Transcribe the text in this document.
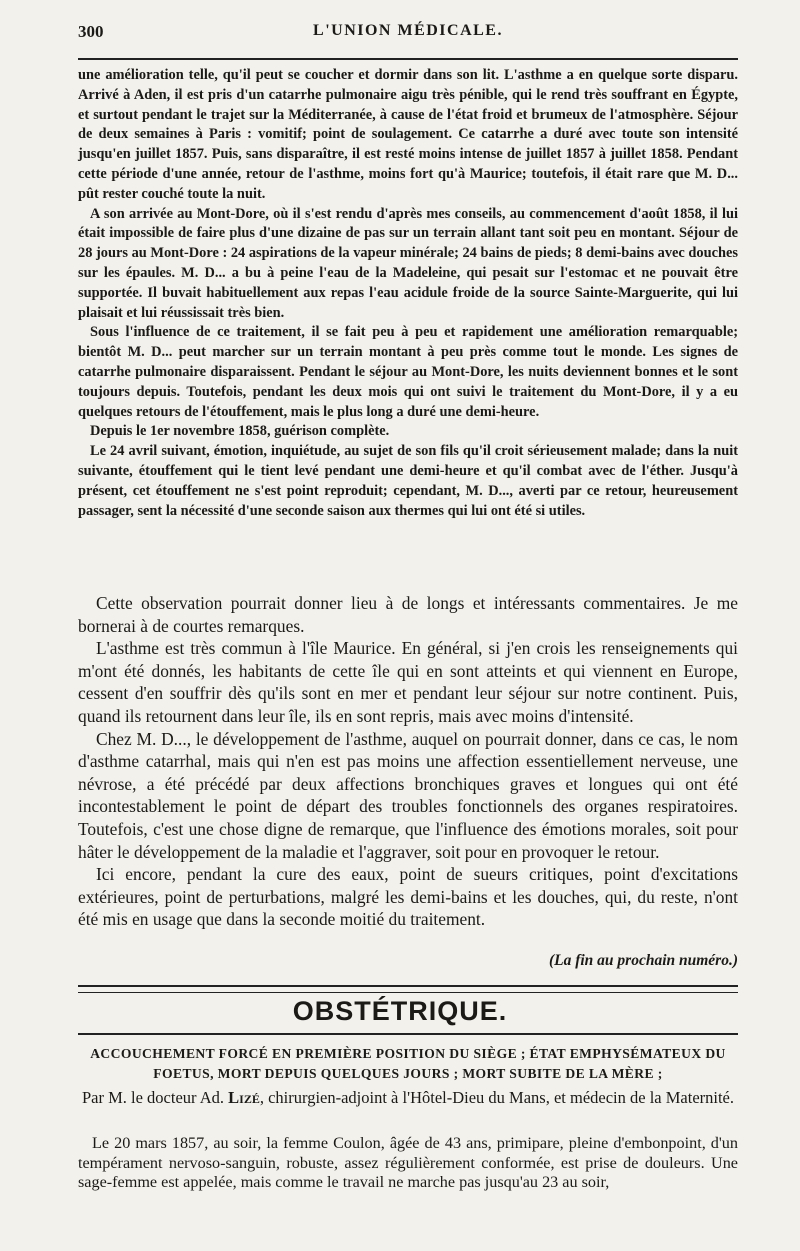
300	L'UNION MÉDICALE.

une amélioration telle, qu'il peut se coucher et dormir dans son lit. L'asthme a en quelque sorte disparu. Arrivé à Aden, il est pris d'un catarrhe pulmonaire aigu très pénible, qui le rend très souffrant en Égypte, et surtout pendant le trajet sur la Méditerranée, à cause de l'état froid et brumeux de l'atmosphère. Séjour de deux semaines à Paris : vomitif; point de soulagement. Ce catarrhe a duré avec toute son intensité jusqu'en juillet 1857. Puis, sans disparaître, il est resté moins intense de juillet 1857 à juillet 1858. Pendant cette période d'une année, retour de l'asthme, moins fort qu'à Maurice; toutefois, il était rare que M. D... pût rester couché toute la nuit.

A son arrivée au Mont-Dore, où il s'est rendu d'après mes conseils, au commencement d'août 1858, il lui était impossible de faire plus d'une dizaine de pas sur un terrain allant tant soit peu en montant. Séjour de 28 jours au Mont-Dore : 24 aspirations de la vapeur minérale; 24 bains de pieds; 8 demi-bains avec douches sur les épaules. M. D... a bu à peine l'eau de la Madeleine, qui pesait sur l'estomac et ne pouvait être supportée. Il buvait habituellement aux repas l'eau acidule froide de la source Sainte-Marguerite, qui lui plaisait et lui réussissait très bien.

Sous l'influence de ce traitement, il se fait peu à peu et rapidement une amélioration remarquable; bientôt M. D... peut marcher sur un terrain montant à peu près comme tout le monde. Les signes de catarrhe pulmonaire disparaissent. Pendant le séjour au Mont-Dore, les nuits deviennent bonnes et le sont toujours depuis. Toutefois, pendant les deux mois qui ont suivi le traitement du Mont-Dore, il y a eu quelques retours de l'étouffement, mais le plus long a duré une demi-heure.

Depuis le 1er novembre 1858, guérison complète.

Le 24 avril suivant, émotion, inquiétude, au sujet de son fils qu'il croit sérieusement malade; dans la nuit suivante, étouffement qui le tient levé pendant une demi-heure et qu'il combat avec de l'éther. Jusqu'à présent, cet étouffement ne s'est point reproduit; cependant, M. D..., averti par ce retour, heureusement passager, sent la nécessité d'une seconde saison aux thermes qui lui ont été si utiles.

Cette observation pourrait donner lieu à de longs et intéressants commentaires. Je me bornerai à de courtes remarques.

L'asthme est très commun à l'île Maurice. En général, si j'en crois les renseignements qui m'ont été donnés, les habitants de cette île qui en sont atteints et qui viennent en Europe, cessent d'en souffrir dès qu'ils sont en mer et pendant leur séjour sur notre continent. Puis, quand ils retournent dans leur île, ils en sont repris, mais avec moins d'intensité.

Chez M. D..., le développement de l'asthme, auquel on pourrait donner, dans ce cas, le nom d'asthme catarrhal, mais qui n'en est pas moins une affection essentiellement nerveuse, une névrose, a été précédé par deux affections bronchiques graves et longues qui ont été incontestablement le point de départ des troubles fonctionnels des organes respiratoires. Toutefois, c'est une chose digne de remarque, que l'influence des émotions morales, soit pour hâter le développement de la maladie et l'aggraver, soit pour en provoquer le retour.

Ici encore, pendant la cure des eaux, point de sueurs critiques, point d'excitations extérieures, point de perturbations, malgré les demi-bains et les douches, qui, du reste, n'ont été mis en usage que dans la seconde moitié du traitement.

(La fin au prochain numéro.)
OBSTÉTRIQUE.
ACCOUCHEMENT FORCÉ EN PREMIÈRE POSITION DU SIÈGE ; ÉTAT EMPHYSÉMATEUX DU
FOETUS, MORT DEPUIS QUELQUES JOURS ; MORT SUBITE DE LA MÈRE ;
Par M. le docteur Ad. Lizé, chirurgien-adjoint à l'Hôtel-Dieu du Mans, et médecin de la Maternité.

Le 20 mars 1857, au soir, la femme Coulon, âgée de 43 ans, primipare, pleine d'embonpoint, d'un tempérament nervoso-sanguin, robuste, assez régulièrement conformée, est prise de douleurs. Une sage-femme est appelée, mais comme le travail ne marche pas jusqu'au 23 au soir,
